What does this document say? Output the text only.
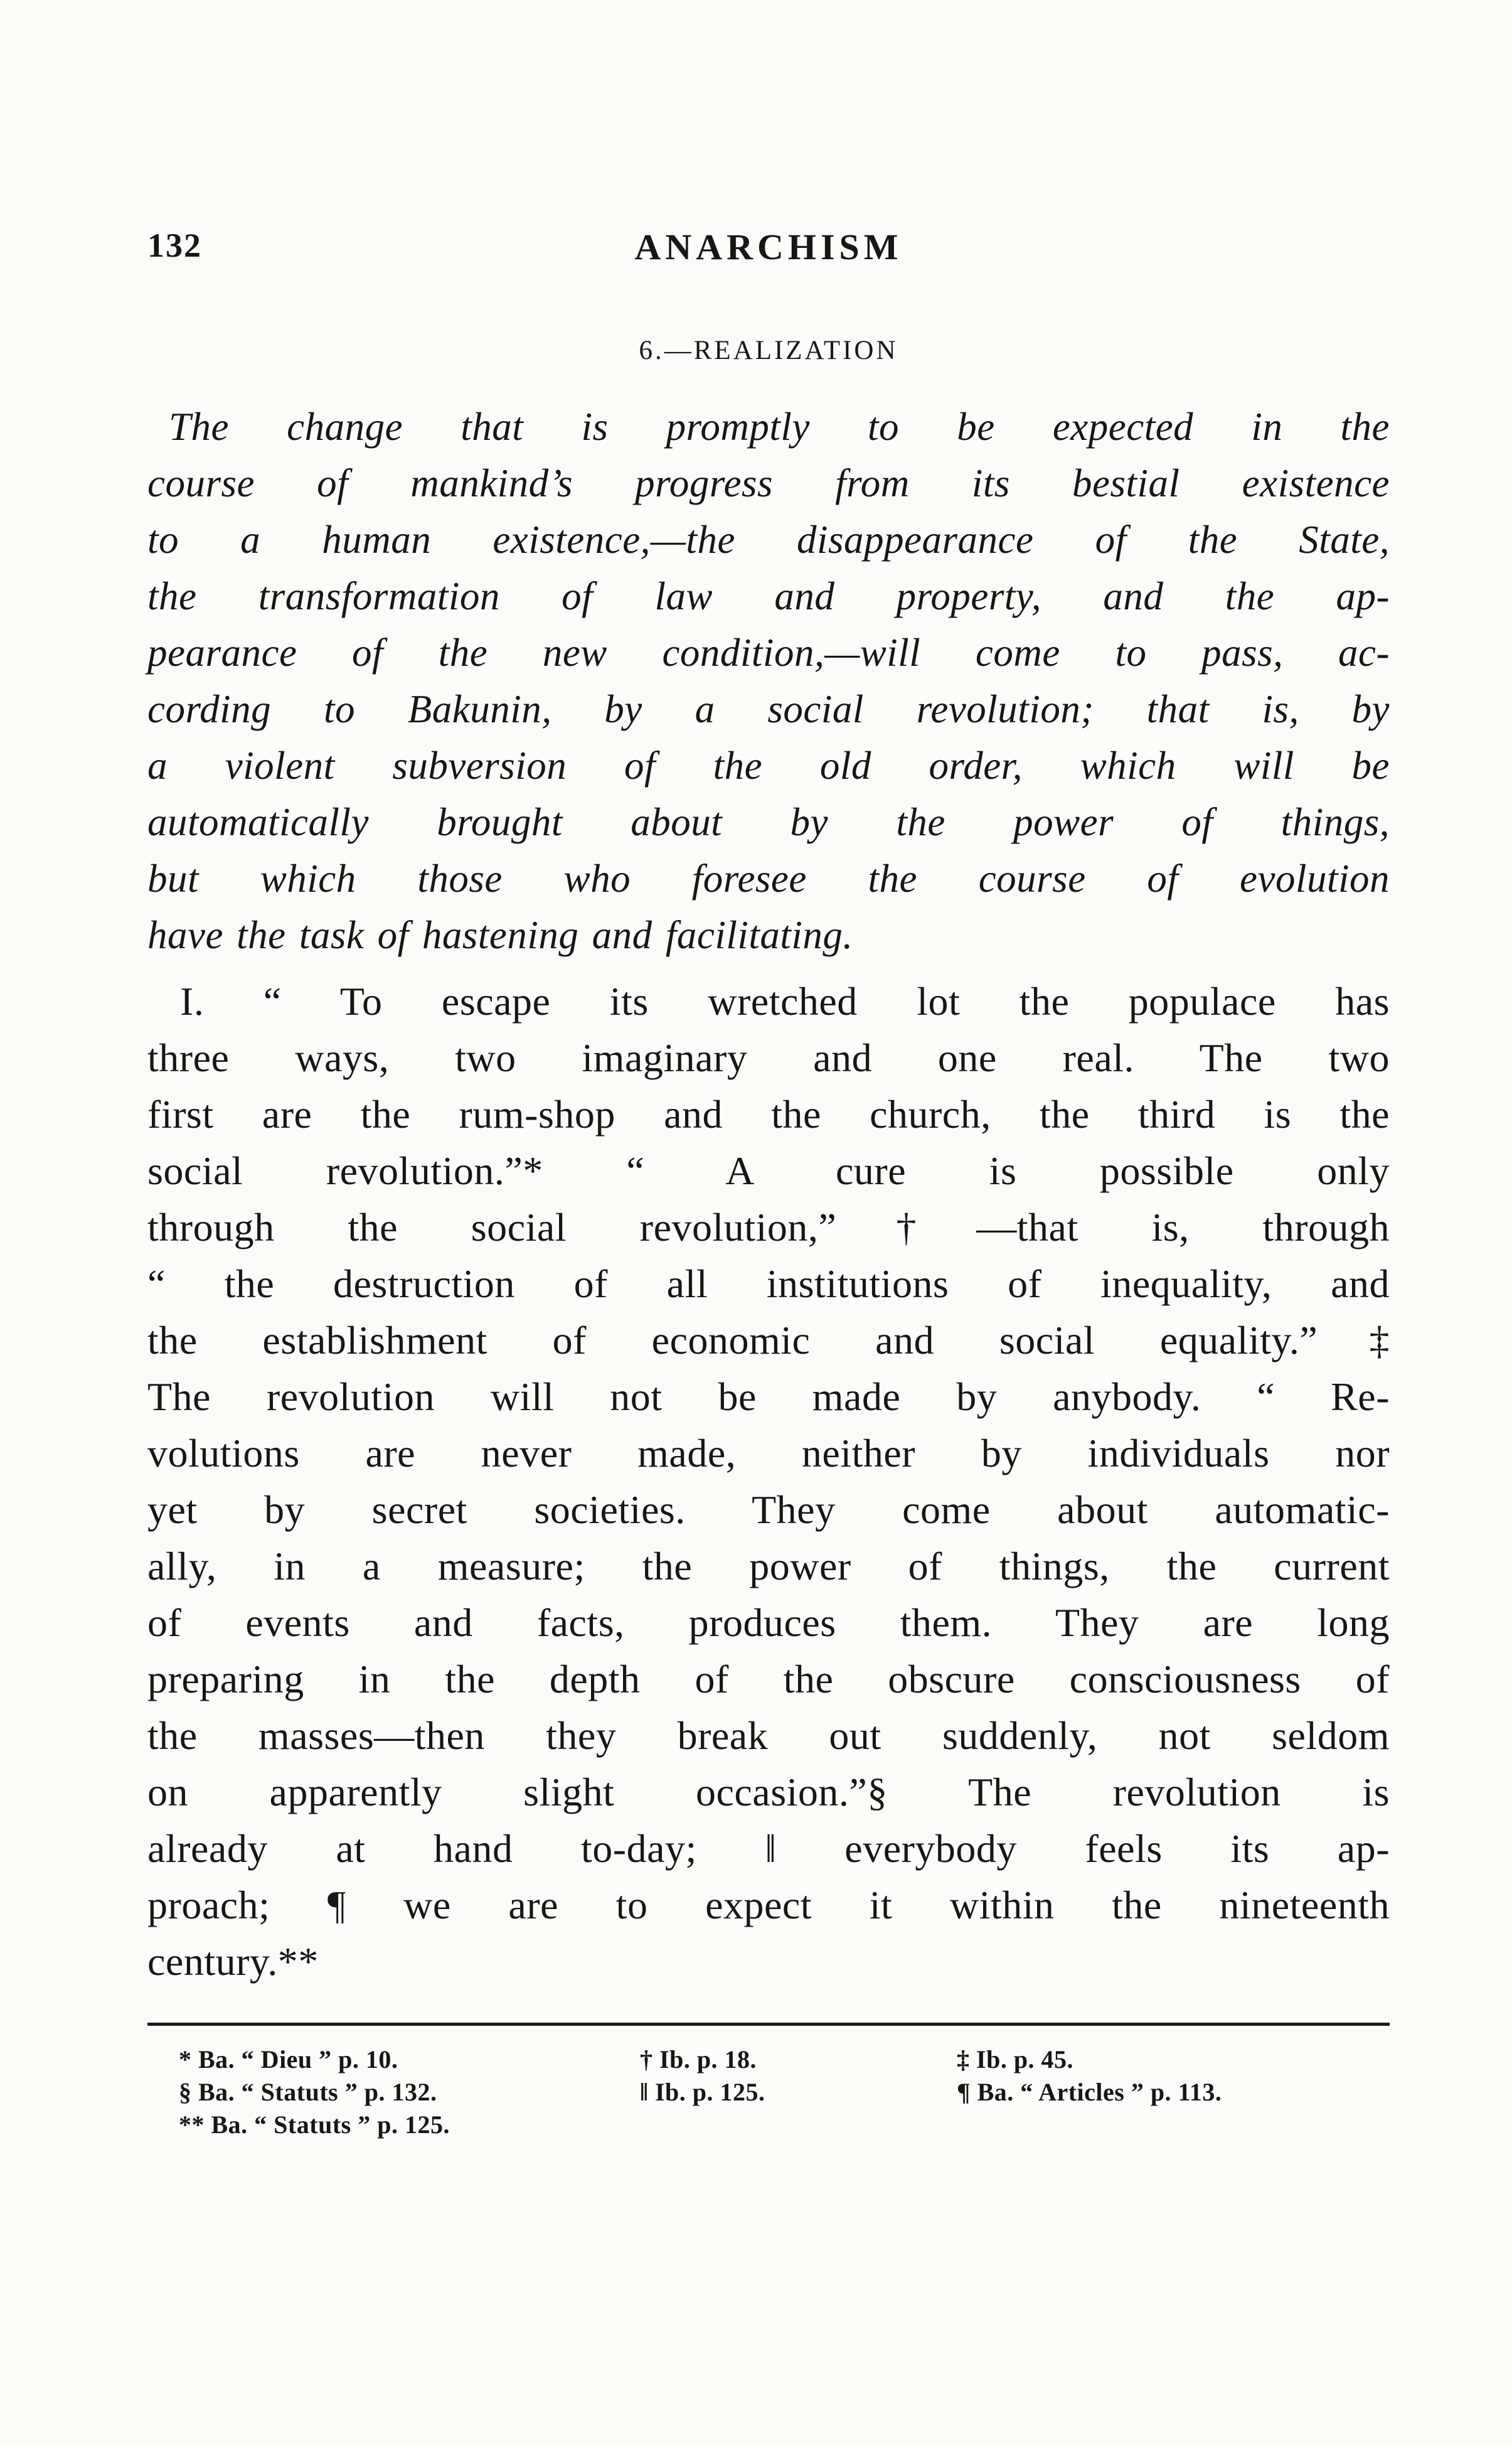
132	ANARCHISM
6.—REALIZATION
The change that is promptly to be expected in the
course of mankind’s progress from its bestial existence
to a human existence,—the disappearance of the State,
the transformation of law and property, and the ap-
pearance of the new condition,—will come to pass, ac-
cording to Bakunin, by a social revolution; that is, by
a violent subversion of the old order, which will be
automatically brought about by the power of things,
but which those who foresee the course of evolution
have the task of hastening and facilitating.
I. “ To escape its wretched lot the populace has
three ways, two imaginary and one real. The two
first are the rum-shop and the church, the third is the
social revolution.”* “ A cure is possible only
through the social revolution,”†—that is, through
“ the destruction of all institutions of inequality, and
the establishment of economic and social equality.”‡
The revolution will not be made by anybody. “ Re-
volutions are never made, neither by individuals nor
yet by secret societies. They come about automatic-
ally, in a measure; the power of things, the current
of events and facts, produces them. They are long
preparing in the depth of the obscure consciousness of
the masses—then they break out suddenly, not seldom
on apparently slight occasion.”§ The revolution is
already at hand to-day; ‖ everybody feels its ap-
proach; ¶ we are to expect it within the nineteenth
century.**
* Ba. “ Dieu ” p. 10.
§ Ba. “ Statuts ” p. 132.
** Ba. “ Statuts ” p. 125.
† Ib. p. 18.
‖ Ib. p. 125.
‡ Ib. p. 45.
¶ Ba. “ Articles ” p. 113.
